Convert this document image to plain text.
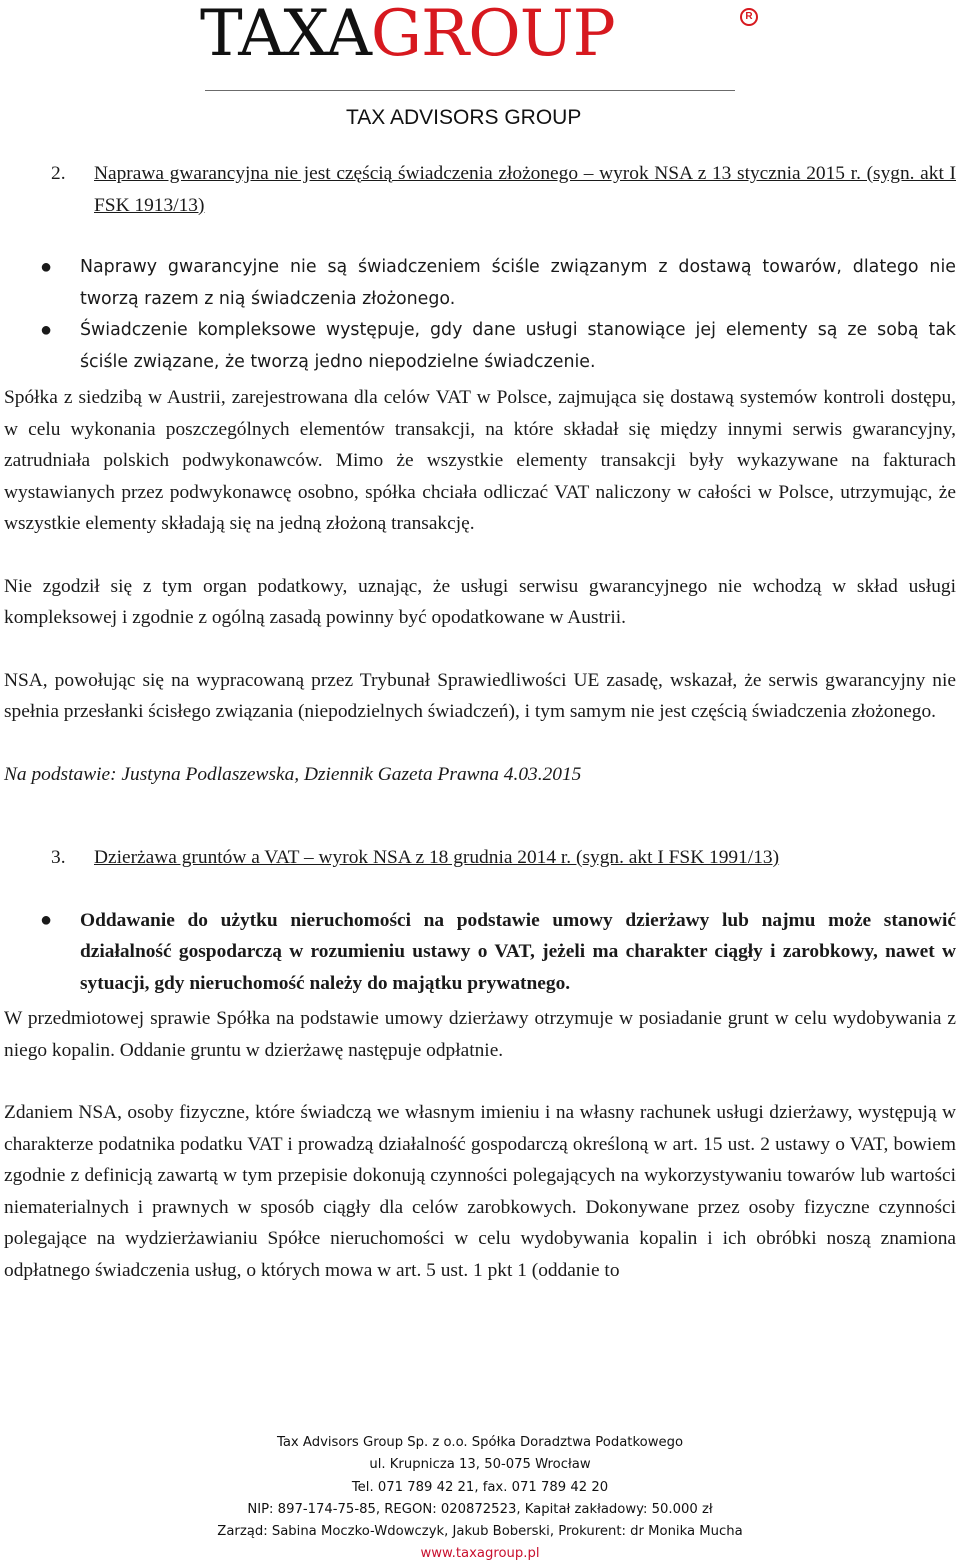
TAXAGROUP	R
TAX ADVISORS GROUP
2.	Naprawa gwarancyjna nie jest częścią świadczenia złożonego – wyrok NSA z 13 stycznia 2015 r. (sygn. akt I FSK 1913/13)
●	Naprawy gwarancyjne nie są świadczeniem ściśle związanym z dostawą towarów, dlatego nie tworzą razem z nią świadczenia złożonego.
●	Świadczenie kompleksowe występuje, gdy dane usługi stanowiące jej elementy są ze sobą tak ściśle związane, że tworzą jedno niepodzielne świadczenie.

Spółka z siedzibą w Austrii, zarejestrowana dla celów VAT w Polsce, zajmująca się dostawą systemów kontroli dostępu, w celu wykonania poszczególnych elementów transakcji, na które składał się między innymi serwis gwarancyjny, zatrudniała polskich podwykonawców. Mimo że wszystkie elementy transakcji były wykazywane na fakturach wystawianych przez podwykonawcę osobno, spółka chciała odliczać VAT naliczony w całości w Polsce, utrzymując, że wszystkie elementy składają się na jedną złożoną transakcję.

Nie zgodził się z tym organ podatkowy, uznając, że usługi serwisu gwarancyjnego nie wchodzą w skład usługi kompleksowej i zgodnie z ogólną zasadą powinny być opodatkowane w Austrii.

NSA, powołując się na wypracowaną przez Trybunał Sprawiedliwości UE zasadę, wskazał, że serwis gwarancyjny nie spełnia przesłanki ścisłego związania (niepodzielnych świadczeń), i tym samym nie jest częścią świadczenia złożonego.

Na podstawie: Justyna Podlaszewska, Dziennik Gazeta Prawna 4.03.2015

3.	Dzierżawa gruntów a VAT – wyrok NSA z 18 grudnia 2014 r. (sygn. akt I FSK 1991/13)
●	Oddawanie do użytku nieruchomości na podstawie umowy dzierżawy lub najmu może stanowić działalność gospodarczą w rozumieniu ustawy o VAT, jeżeli ma charakter ciągły i zarobkowy, nawet w sytuacji, gdy nieruchomość należy do majątku prywatnego.

W przedmiotowej sprawie Spółka na podstawie umowy dzierżawy otrzymuje w posiadanie grunt w celu wydobywania z niego kopalin. Oddanie gruntu w dzierżawę następuje odpłatnie.

Zdaniem NSA, osoby fizyczne, które świadczą we własnym imieniu i na własny rachunek usługi dzierżawy, występują w charakterze podatnika podatku VAT i prowadzą działalność gospodarczą określoną w art. 15 ust. 2 ustawy o VAT, bowiem zgodnie z definicją zawartą w tym przepisie dokonują czynności polegających na wykorzystywaniu towarów lub wartości niematerialnych i prawnych w sposób ciągły dla celów zarobkowych. Dokonywane przez osoby fizyczne czynności polegające na wydzierżawianiu Spółce nieruchomości w celu wydobywania kopalin i ich obróbki noszą znamiona odpłatnego świadczenia usług, o których mowa w art. 5 ust. 1 pkt 1 (oddanie to

Tax Advisors Group Sp. z o.o. Spółka Doradztwa Podatkowego
ul. Krupnicza 13, 50-075 Wrocław
Tel. 071 789 42 21, fax. 071 789 42 20
NIP: 897-174-75-85, REGON: 020872523, Kapitał zakładowy: 50.000 zł
Zarząd: Sabina Moczko-Wdowczyk, Jakub Boberski, Prokurent: dr Monika Mucha
www.taxagroup.pl
